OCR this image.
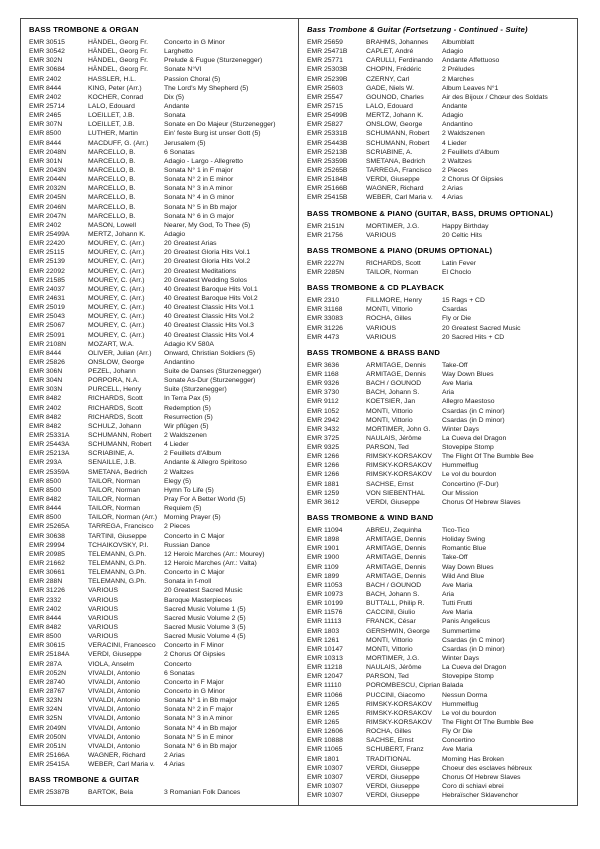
BASS TROMBONE & ORGAN
EMR 30515	HÄNDEL, Georg Fr.	Concerto in G Minor
EMR 30542	HÄNDEL, Georg Fr.	Larghetto
EMR 302N	HÄNDEL, Georg Fr.	Prelude & Fugue (Sturzenegger)
EMR 30684	HÄNDEL, Georg Fr.	Sonate N°VI
EMR 2402	HASSLER, H.L.	Passion Choral (5)
EMR 8444	KING, Peter (Arr.)	The Lord's My Shepherd (5)
EMR 2402	KOCHER, Conrad	Dix (5)
EMR 25714	LALO, Edouard	Andante
EMR 2465	LOEILLET, J.B.	Sonata
EMR 307N	LOEILLET, J.B.	Sonate en Do Majeur (Sturzenegger)
EMR 8500	LUTHER, Martin	Ein' feste Burg ist unser Gott (5)
EMR 8444	MACDUFF, G. (Arr.)	Jerusalem (5)
EMR 2048N	MARCELLO, B.	6 Sonatas
EMR 301N	MARCELLO, B.	Adagio - Largo - Allegretto
EMR 2043N	MARCELLO, B.	Sonata N° 1 in F major
EMR 2044N	MARCELLO, B.	Sonata N° 2 in E minor
EMR 2032N	MARCELLO, B.	Sonata N° 3 in A minor
EMR 2045N	MARCELLO, B.	Sonata N° 4 in G minor
EMR 2046N	MARCELLO, B.	Sonata N° 5 in Bb major
EMR 2047N	MARCELLO, B.	Sonata N° 6 in G major
EMR 2402	MASON, Lowell	Nearer, My God, To Thee (5)
EMR 25499A	MERTZ, Johann K.	Adagio
EMR 22420	MOUREY, C. (Arr.)	20 Greatest Arias
EMR 25115	MOUREY, C. (Arr.)	20 Greatest Gloria Hits Vol.1
EMR 25139	MOUREY, C. (Arr.)	20 Greatest Gloria Hits Vol.2
EMR 22092	MOUREY, C. (Arr.)	20 Greatest Meditations
EMR 21585	MOUREY, C. (Arr.)	20 Greatest Wedding Solos
EMR 24037	MOUREY, C. (Arr.)	40 Greatest Baroque Hits Vol.1
EMR 24631	MOUREY, C. (Arr.)	40 Greatest Baroque Hits Vol.2
EMR 25019	MOUREY, C. (Arr.)	40 Greatest Classic Hits Vol.1
EMR 25043	MOUREY, C. (Arr.)	40 Greatest Classic Hits Vol.2
EMR 25067	MOUREY, C. (Arr.)	40 Greatest Classic Hits Vol.3
EMR 25091	MOUREY, C. (Arr.)	40 Greatest Classic Hits Vol.4
EMR 2108N	MOZART, W.A.	Adagio KV 580A
EMR 8444	OLIVER, Julian (Arr.)	Onward, Christian Soldiers (5)
EMR 25826	ONSLOW, George	Andantino
EMR 306N	PEZEL, Johann	Suite de Danses (Sturzenegger)
EMR 304N	PORPORA, N.A.	Sonate As-Dur (Sturzenegger)
EMR 303N	PURCELL, Henry	Suite (Sturzenegger)
EMR 8482	RICHARDS, Scott	In Terra Pax (5)
EMR 2402	RICHARDS, Scott	Redemption (5)
EMR 8482	RICHARDS, Scott	Resurrection (5)
EMR 8482	SCHULZ, Johann	Wir pflügen (5)
EMR 25331A	SCHUMANN, Robert	2 Waldszenen
EMR 25443A	SCHUMANN, Robert	4 Lieder
EMR 25213A	SCRIABINE, A.	2 Feuillets d'Album
EMR 293A	SENAILLE, J.B.	Andante & Allegro Spiritoso
EMR 25359A	SMETANA, Bedrich	2 Waltzes
EMR 8500	TAILOR, Norman	Elegy (5)
EMR 8500	TAILOR, Norman	Hymn To Life (5)
EMR 8482	TAILOR, Norman	Pray For A Better World (5)
EMR 8444	TAILOR, Norman	Requiem (5)
EMR 8500	TAILOR, Norman (Arr.)	Morning Prayer (5)
EMR 25265A	TARREGA, Francisco	2 Pieces
EMR 30638	TARTINI, Giuseppe	Concerto in C Major
EMR 29994	TCHAIKOVSKY, P.I.	Russian Dance
EMR 20985	TELEMANN, G.Ph.	12 Heroic Marches (Arr.: Mourey)
EMR 21662	TELEMANN, G.Ph.	12 Heroic Marches (Arr.: Valta)
EMR 30661	TELEMANN, G.Ph.	Concerto in C Major
EMR 288N	TELEMANN, G.Ph.	Sonata in f-moll
EMR 31226	VARIOUS	20 Greatest Sacred Music
EMR 2332	VARIOUS	Baroque Masterpieces
EMR 2402	VARIOUS	Sacred Music Volume 1 (5)
EMR 8444	VARIOUS	Sacred Music Volume 2 (5)
EMR 8482	VARIOUS	Sacred Music Volume 3 (5)
EMR 8500	VARIOUS	Sacred Music Volume 4 (5)
EMR 30615	VERACINI, Francesco	Concerto in F Minor
EMR 25184A	VERDI, Giuseppe	2 Chorus Of Gipsies
EMR 287A	VIOLA, Anselm	Concerto
EMR 2052N	VIVALDI, Antonio	6 Sonatas
EMR 28740	VIVALDI, Antonio	Concerto in F Major
EMR 28767	VIVALDI, Antonio	Concerto in G Minor
EMR 323N	VIVALDI, Antonio	Sonata N° 1 in Bb major
EMR 324N	VIVALDI, Antonio	Sonata N° 2 in F major
EMR 325N	VIVALDI, Antonio	Sonata N° 3 in A minor
EMR 2049N	VIVALDI, Antonio	Sonata N° 4 in Bb major
EMR 2050N	VIVALDI, Antonio	Sonata N° 5 in E minor
EMR 2051N	VIVALDI, Antonio	Sonata N° 6 in Bb major
EMR 25166A	WAGNER, Richard	2 Arias
EMR 25415A	WEBER, Carl Maria v.	4 Arias
BASS TROMBONE & GUITAR
EMR 25387B	BARTOK, Bela	3 Romanian Folk Dances
Bass Trombone & Guitar (Fortsetzung - Continued - Suite)
EMR 25659	BRAHMS, Johannes	Albumblatt
EMR 25471B	CAPLET, André	Adagio
EMR 25771	CARULLI, Ferdinando	Andante Affettuoso
EMR 25303B	CHOPIN, Frédéric	2 Préludes
EMR 25239B	CZERNY, Carl	2 Marches
EMR 25603	GADE, Niels W.	Album Leaves N°1
EMR 25547	GOUNOD, Charles	Air des Bijoux / Chœur des Soldats
EMR 25715	LALO, Edouard	Andante
EMR 25499B	MERTZ, Johann K.	Adagio
EMR 25827	ONSLOW, George	Andantino
EMR 25331B	SCHUMANN, Robert	2 Waldszenen
EMR 25443B	SCHUMANN, Robert	4 Lieder
EMR 25213B	SCRIABINE, A.	2 Feuillets d'Album
EMR 25359B	SMETANA, Bedrich	2 Waltzes
EMR 25265B	TARREGA, Francisco	2 Pieces
EMR 25184B	VERDI, Giuseppe	2 Chorus Of Gipsies
EMR 25166B	WAGNER, Richard	2 Arias
EMR 25415B	WEBER, Carl Maria v.	4 Arias
BASS TROMBONE & PIANO (GUITAR, BASS, DRUMS OPTIONAL)
EMR 2151N	MORTIMER, J.G.	Happy Birthday
EMR 21756	VARIOUS	20 Celtic Hits
BASS TROMBONE & PIANO (DRUMS OPTIONAL)
EMR 2227N	RICHARDS, Scott	Latin Fever
EMR 2285N	TAILOR, Norman	El Choclo
BASS TROMBONE & CD PLAYBACK
EMR 2310	FILLMORE, Henry	15 Rags + CD
EMR 31168	MONTI, Vittorio	Csardas
EMR 33083	ROCHA, Gilles	Fly or Die
EMR 31226	VARIOUS	20 Greatest Sacred Music
EMR 4473	VARIOUS	20 Sacred Hits + CD
BASS TROMBONE & BRASS BAND
EMR 3636	ARMITAGE, Dennis	Take-Off
EMR 1168	ARMITAGE, Dennis	Way Down Blues
EMR 9326	BACH / GOUNOD	Ave Maria
EMR 3730	BACH, Johann S.	Aria
EMR 9112	KOETSIER, Jan	Allegro Maestoso
EMR 1052	MONTI, Vittorio	Csardas (in C minor)
EMR 2942	MONTI, Vittorio	Csardas (in D minor)
EMR 3432	MORTIMER, John G.	Winter Days
EMR 3725	NAULAIS, Jérôme	La Cueva del Dragon
EMR 9325	PARSON, Ted	Stovepipe Stomp
EMR 1266	RIMSKY-KORSAKOV	The Flight Of The Bumble Bee
EMR 1266	RIMSKY-KORSAKOV	Hummelflug
EMR 1266	RIMSKY-KORSAKOV	Le vol du bourdon
EMR 1881	SACHSE, Ernst	Concertino (F-Dur)
EMR 1259	VON SIEBENTHAL	Our Mission
EMR 3612	VERDI, Giuseppe	Chorus Of Hebrew Slaves
BASS TROMBONE & WIND BAND
EMR 11094	ABREU, Zequinha	Tico-Tico
EMR 1898	ARMITAGE, Dennis	Holiday Swing
EMR 1901	ARMITAGE, Dennis	Romantic Blue
EMR 1900	ARMITAGE, Dennis	Take-Off
EMR 1109	ARMITAGE, Dennis	Way Down Blues
EMR 1899	ARMITAGE, Dennis	Wild And Blue
EMR 11053	BACH / GOUNOD	Ave Maria
EMR 10973	BACH, Johann S.	Aria
EMR 10199	BUTTALL, Philip R.	Tutti Frutti
EMR 11576	CACCINI, Giulio	Ave Maria
EMR 11113	FRANCK, César	Panis Angelicus
EMR 1803	GERSHWIN, George	Summertime
EMR 1261	MONTI, Vittorio	Csardas (in C minor)
EMR 10147	MONTI, Vittorio	Csardas (in D minor)
EMR 10313	MORTIMER, J.G.	Winter Days
EMR 11218	NAULAIS, Jérôme	La Cueva del Dragon
EMR 12047	PARSON, Ted	Stovepipe Stomp
EMR 11110	POROMBESCU, Ciprian Balada
EMR 11066	PUCCINI, Giacomo	Nessun Dorma
EMR 1265	RIMSKY-KORSAKOV	Hummelflug
EMR 1265	RIMSKY-KORSAKOV	Le vol du bourdon
EMR 1265	RIMSKY-KORSAKOV	The Flight Of The Bumble Bee
EMR 12606	ROCHA, Gilles	Fly Or Die
EMR 10888	SACHSE, Ernst	Concertino
EMR 11065	SCHUBERT, Franz	Ave Maria
EMR 1801	TRADITIONAL	Morning Has Broken
EMR 10307	VERDI, Giuseppe	Choeur des esclaves hébreux
EMR 10307	VERDI, Giuseppe	Chorus Of Hebrew Slaves
EMR 10307	VERDI, Giuseppe	Coro di schiavi ebrei
EMR 10307	VERDI, Giuseppe	Hebraïscher Sklavenchor
